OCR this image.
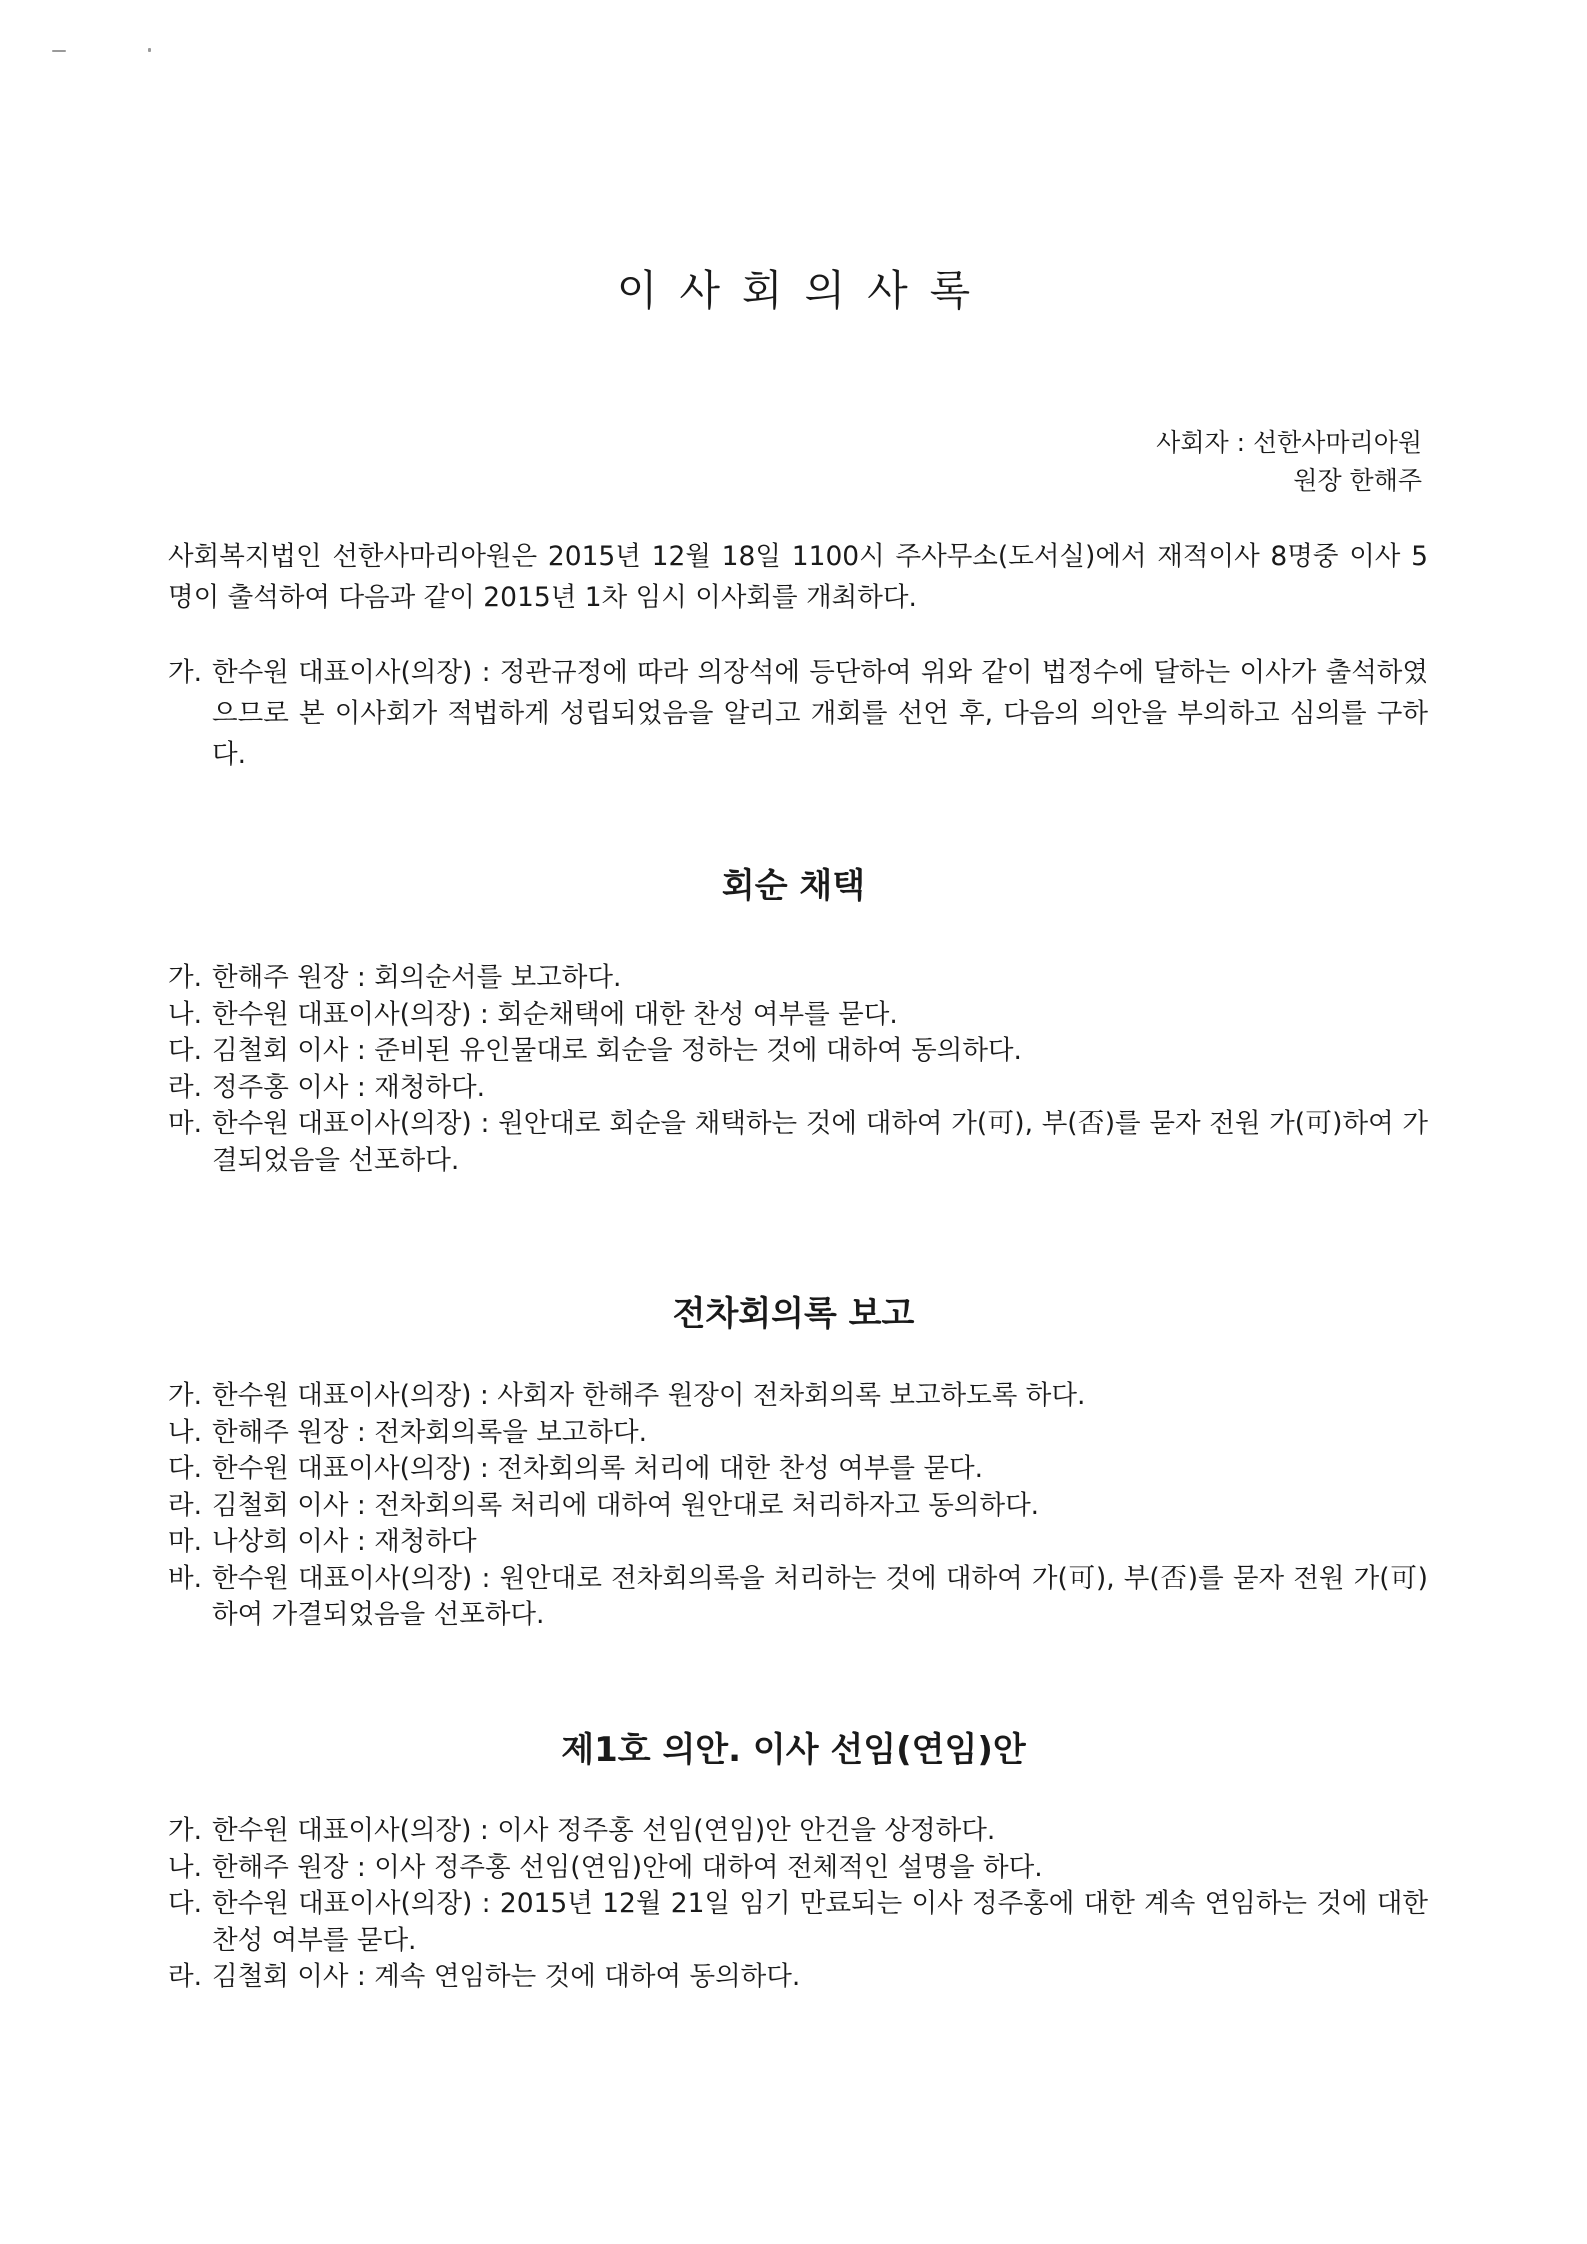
이사회의사록
사회자 : 선한사마리아원
원장 한해주

사회복지법인 선한사마리아원은 2015년 12월 18일 1100시 주사무소(도서실)에서 재적이사 8명중 이사 5명이 출석하여 다음과 같이 2015년 1차 임시 이사회를 개최하다.

가. 한수원 대표이사(의장) : 정관규정에 따라 의장석에 등단하여 위와 같이 법정수에 달하는 이사가 출석하였으므로 본 이사회가 적법하게 성립되었음을 알리고 개회를 선언 후, 다음의 의안을 부의하고 심의를 구하다.
회순 채택
가. 한해주 원장 : 회의순서를 보고하다.
나. 한수원 대표이사(의장) : 회순채택에 대한 찬성 여부를 묻다.
다. 김철회 이사 : 준비된 유인물대로 회순을 정하는 것에 대하여 동의하다.
라. 정주홍 이사 : 재청하다.
마. 한수원 대표이사(의장) : 원안대로 회순을 채택하는 것에 대하여 가(可), 부(否)를 묻자 전원 가(可)하여 가결되었음을 선포하다.
전차회의록 보고
가. 한수원 대표이사(의장) : 사회자 한해주 원장이 전차회의록 보고하도록 하다.
나. 한해주 원장 : 전차회의록을 보고하다.
다. 한수원 대표이사(의장) : 전차회의록 처리에 대한 찬성 여부를 묻다.
라. 김철회 이사 : 전차회의록 처리에 대하여 원안대로 처리하자고 동의하다.
마. 나상희 이사 : 재청하다
바. 한수원 대표이사(의장) : 원안대로 전차회의록을 처리하는 것에 대하여 가(可), 부(否)를 묻자 전원 가(可)하여 가결되었음을 선포하다.
제1호 의안. 이사 선임(연임)안
가. 한수원 대표이사(의장) : 이사 정주홍 선임(연임)안 안건을 상정하다.
나. 한해주 원장 : 이사 정주홍 선임(연임)안에 대하여 전체적인 설명을 하다.
다. 한수원 대표이사(의장) : 2015년 12월 21일 임기 만료되는 이사 정주홍에 대한 계속 연임하는 것에 대한 찬성 여부를 묻다.
라. 김철회 이사 : 계속 연임하는 것에 대하여 동의하다.
